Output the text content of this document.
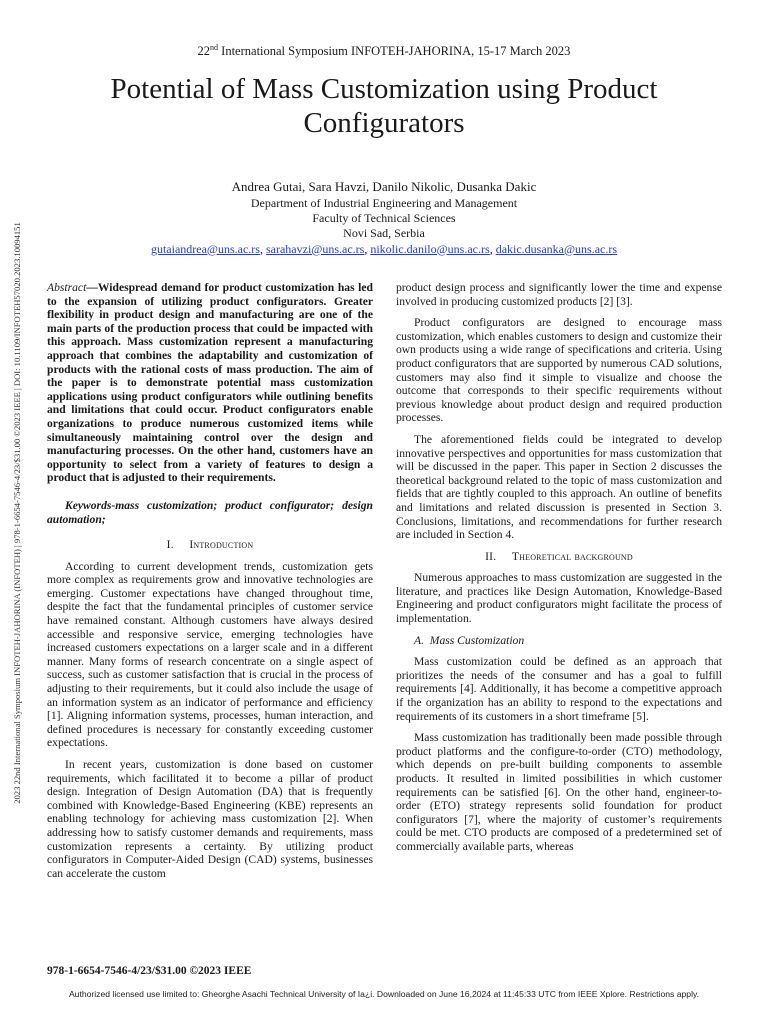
22nd International Symposium INFOTEH-JAHORINA, 15-17 March 2023
Potential of Mass Customization using Product Configurators
Andrea Gutai, Sara Havzi, Danilo Nikolic, Dusanka Dakic
Department of Industrial Engineering and Management
Faculty of Technical Sciences
Novi Sad, Serbia
gutaiandrea@uns.ac.rs, sarahavzi@uns.ac.rs, nikolic.danilo@uns.ac.rs, dakic.dusanka@uns.ac.rs
2023 22nd International Symposium INFOTEH-JAHORINA (INFOTEH) | 978-1-6654-7546-4/23/$31.00 ©2023 IEEE | DOI: 10.1109/INFOTEH57020.2023.10094151 Abstract—Widespread demand for product customization has led to the expansion of utilizing product configurators. Greater flexibility in product design and manufacturing are one of the main parts of the production process that could be impacted with this approach. Mass customization represent a manufacturing approach that combines the adaptability and customization of products with the rational costs of mass production. The aim of the paper is to demonstrate potential mass customization applications using product configurators while outlining benefits and limitations that could occur. Product configurators enable organizations to produce numerous customized items while simultaneously maintaining control over the design and manufacturing processes. On the other hand, customers have an opportunity to select from a variety of features to design a product that is adjusted to their requirements.

Keywords-mass customization; product configurator; design automation;

I. Introduction

According to current development trends, customization gets more complex as requirements grow and innovative technologies are emerging. Customer expectations have changed throughout time, despite the fact that the fundamental principles of customer service have remained constant. Although customers have always desired accessible and responsive service, emerging technologies have increased customers expectations on a larger scale and in a different manner. Many forms of research concentrate on a single aspect of success, such as customer satisfaction that is crucial in the process of adjusting to their requirements, but it could also include the usage of an information system as an indicator of performance and efficiency [1]. Aligning information systems, processes, human interaction, and defined procedures is necessary for constantly exceeding customer expectations.

In recent years, customization is done based on customer requirements, which facilitated it to become a pillar of product design. Integration of Design Automation (DA) that is frequently combined with Knowledge-Based Engineering (KBE) represents an enabling technology for achieving mass customization [2]. When addressing how to satisfy customer demands and requirements, mass customization represents a certainty. By utilizing product configurators in Computer-Aided Design (CAD) systems, businesses can accelerate the custom

product design process and significantly lower the time and expense involved in producing customized products [2] [3].

Product configurators are designed to encourage mass customization, which enables customers to design and customize their own products using a wide range of specifications and criteria. Using product configurators that are supported by numerous CAD solutions, customers may also find it simple to visualize and choose the outcome that corresponds to their specific requirements without previous knowledge about product design and required production processes.

The aforementioned fields could be integrated to develop innovative perspectives and opportunities for mass customization that will be discussed in the paper. This paper in Section 2 discusses the theoretical background related to the topic of mass customization and fields that are tightly coupled to this approach. An outline of benefits and limitations and related discussion is presented in Section 3. Conclusions, limitations, and recommendations for further research are included in Section 4.

II. Theoretical background

Numerous approaches to mass customization are suggested in the literature, and practices like Design Automation, Knowledge-Based Engineering and product configurators might facilitate the process of implementation.

A. Mass Customization

Mass customization could be defined as an approach that prioritizes the needs of the consumer and has a goal to fulfill requirements [4]. Additionally, it has become a competitive approach if the organization has an ability to respond to the expectations and requirements of its customers in a short timeframe [5].

Mass customization has traditionally been made possible through product platforms and the configure-to-order (CTO) methodology, which depends on pre-built building components to assemble products. It resulted in limited possibilities in which customer requirements can be satisfied [6]. On the other hand, engineer-to-order (ETO) strategy represents solid foundation for product configurators [7], where the majority of customer’s requirements could be met. CTO products are composed of a predetermined set of commercially available parts, whereas

978-1-6654-7546-4/23/$31.00 ©2023 IEEE
Authorized licensed use limited to: Gheorghe Asachi Technical University of Ia¿i. Downloaded on June 16,2024 at 11:45:33 UTC from IEEE Xplore. Restrictions apply.
